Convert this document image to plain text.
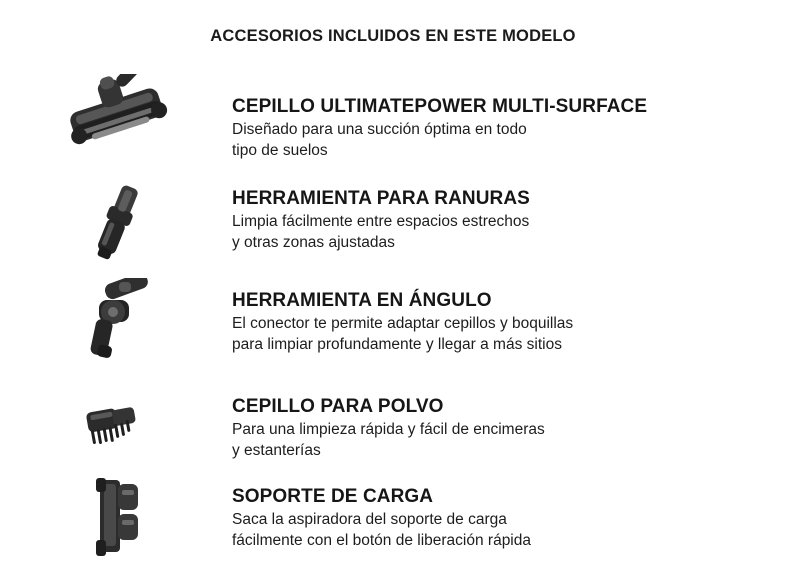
ACCESORIOS INCLUIDOS EN ESTE MODELO

CEPILLO ULTIMATEPOWER MULTI-SURFACE

Diseñado para una succión óptima en todo
tipo de suelos

HERRAMIENTA PARA RANURAS

Limpia fácilmente entre espacios estrechos
y otras zonas ajustadas

HERRAMIENTA EN ÁNGULO

El conector te permite adaptar cepillos y boquillas
para limpiar profundamente y llegar a más sitios

CEPILLO PARA POLVO

Para una limpieza rápida y fácil de encimeras
y estanterías

SOPORTE DE CARGA

Saca la aspiradora del soporte de carga
fácilmente con el botón de liberación rápida
